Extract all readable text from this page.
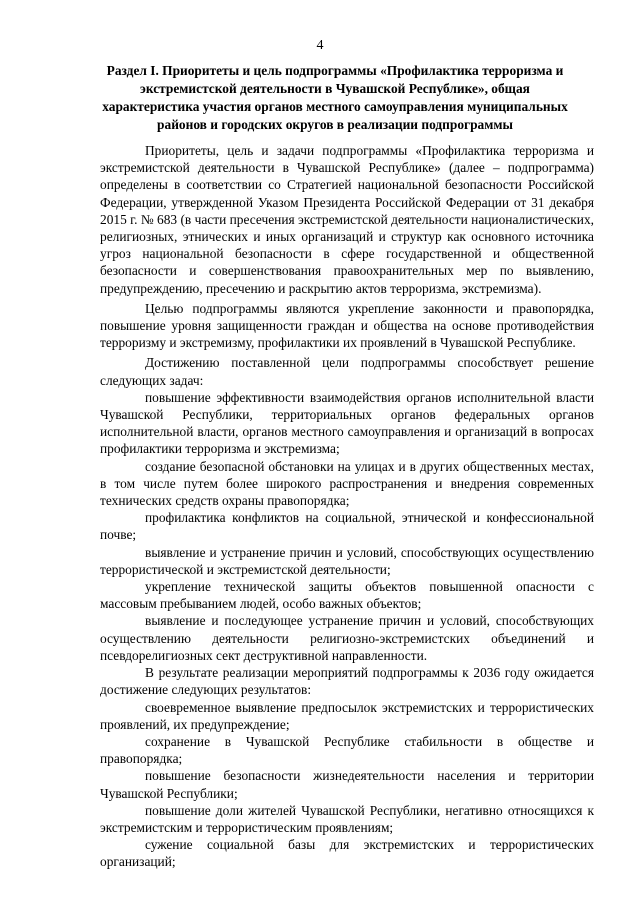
4
Раздел I. Приоритеты и цель подпрограммы «Профилактика терроризма и экстремистской деятельности в Чувашской Республике», общая характеристика участия органов местного самоуправления муниципальных районов и городских округов в реализации подпрограммы

Приоритеты, цель и задачи подпрограммы «Профилактика терроризма и экстремистской деятельности в Чувашской Республике» (далее – подпрограмма) определены в соответствии со Стратегией национальной безопасности Российской Федерации, утвержденной Указом Президента Российской Федерации от 31 декабря 2015 г. № 683 (в части пресечения экстремистской деятельности националистических, религиозных, этнических и иных организаций и структур как основного источника угроз национальной безопасности в сфере государственной и общественной безопасности и совершенствования правоохранительных мер по выявлению, предупреждению, пресечению и раскрытию актов терроризма, экстремизма).

Целью подпрограммы являются укрепление законности и правопорядка, повышение уровня защищенности граждан и общества на основе противодействия терроризму и экстремизму, профилактики их проявлений в Чувашской Республике.

Достижению поставленной цели подпрограммы способствует решение следующих задач:

повышение эффективности взаимодействия органов исполнительной власти Чувашской Республики, территориальных органов федеральных органов исполнительной власти, органов местного самоуправления и организаций в вопросах профилактики терроризма и экстремизма;

создание безопасной обстановки на улицах и в других общественных местах, в том числе путем более широкого распространения и внедрения современных технических средств охраны правопорядка;

профилактика конфликтов на социальной, этнической и конфессиональной почве;

выявление и устранение причин и условий, способствующих осуществлению террористической и экстремистской деятельности;

укрепление технической защиты объектов повышенной опасности с массовым пребыванием людей, особо важных объектов;

выявление и последующее устранение причин и условий, способствующих осуществлению деятельности религиозно-экстремистских объединений и псевдорелигиозных сект деструктивной направленности.

В результате реализации мероприятий подпрограммы к 2036 году ожидается достижение следующих результатов:

своевременное выявление предпосылок экстремистских и террористических проявлений, их предупреждение;

сохранение в Чувашской Республике стабильности в обществе и правопорядка;

повышение безопасности жизнедеятельности населения и территории Чувашской Республики;

повышение доли жителей Чувашской Республики, негативно относящихся к экстремистским и террористическим проявлениям;

сужение социальной базы для экстремистских и террористических организаций;
